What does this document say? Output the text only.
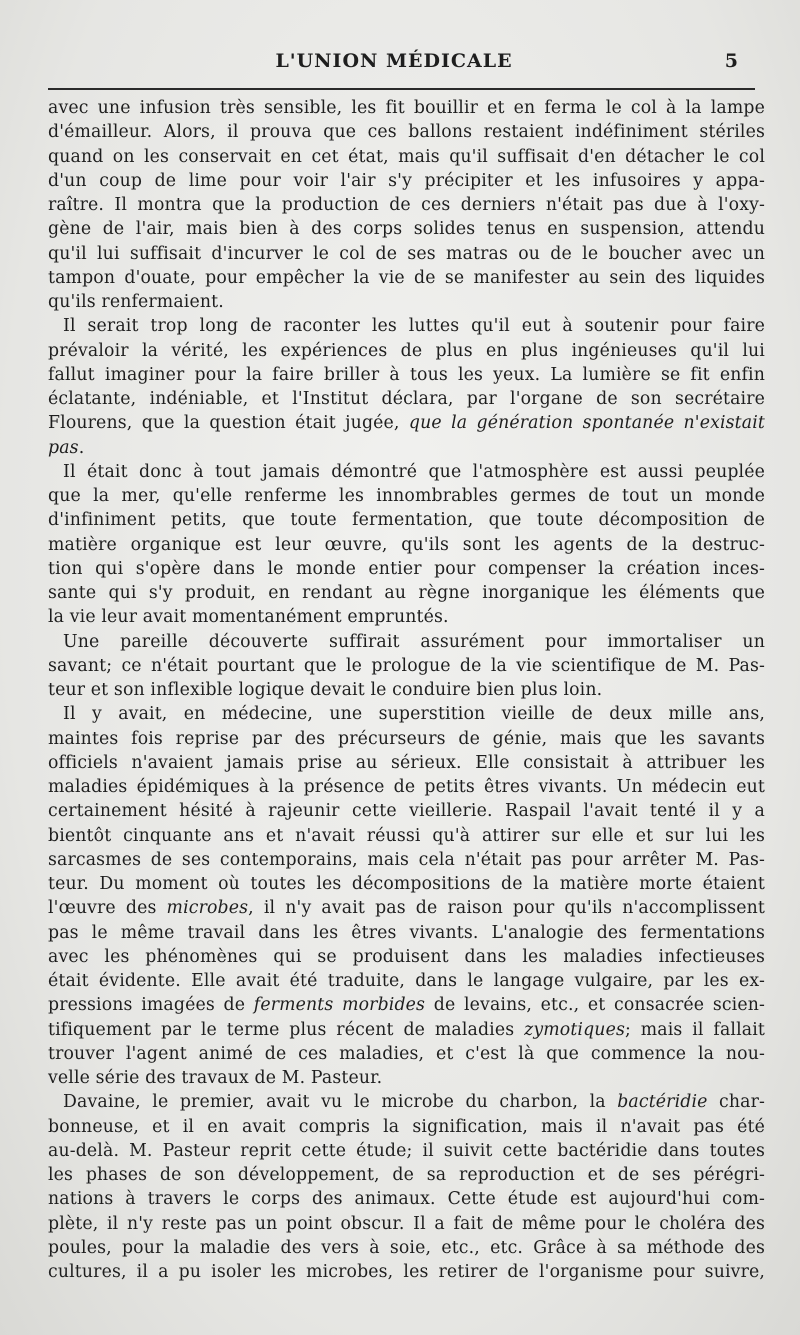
L'UNION MÉDICALE	5

avec une infusion très sensible, les fit bouillir et en ferma le col à la lampe

d'émailleur. Alors, il prouva que ces ballons restaient indéfiniment stériles

quand on les conservait en cet état, mais qu'il suffisait d'en détacher le col

d'un coup de lime pour voir l'air s'y précipiter et les infusoires y appa-

raître. Il montra que la production de ces derniers n'était pas due à l'oxy-

gène de l'air, mais bien à des corps solides tenus en suspension, attendu

qu'il lui suffisait d'incurver le col de ses matras ou de le boucher avec un

tampon d'ouate, pour empêcher la vie de se manifester au sein des liquides

qu'ils renfermaient.

Il serait trop long de raconter les luttes qu'il eut à soutenir pour faire

prévaloir la vérité, les expériences de plus en plus ingénieuses qu'il lui

fallut imaginer pour la faire briller à tous les yeux. La lumière se fit enfin

éclatante, indéniable, et l'Institut déclara, par l'organe de son secrétaire

Flourens, que la question était jugée, que la génération spontanée n'existait

pas.

Il était donc à tout jamais démontré que l'atmosphère est aussi peuplée

que la mer, qu'elle renferme les innombrables germes de tout un monde

d'infiniment petits, que toute fermentation, que toute décomposition de

matière organique est leur œuvre, qu'ils sont les agents de la destruc-

tion qui s'opère dans le monde entier pour compenser la création inces-

sante qui s'y produit, en rendant au règne inorganique les éléments que

la vie leur avait momentanément empruntés.

Une pareille découverte suffirait assurément pour immortaliser un

savant; ce n'était pourtant que le prologue de la vie scientifique de M. Pas-

teur et son inflexible logique devait le conduire bien plus loin.

Il y avait, en médecine, une superstition vieille de deux mille ans,

maintes fois reprise par des précurseurs de génie, mais que les savants

officiels n'avaient jamais prise au sérieux. Elle consistait à attribuer les

maladies épidémiques à la présence de petits êtres vivants. Un médecin eut

certainement hésité à rajeunir cette vieillerie. Raspail l'avait tenté il y a

bientôt cinquante ans et n'avait réussi qu'à attirer sur elle et sur lui les

sarcasmes de ses contemporains, mais cela n'était pas pour arrêter M. Pas-

teur. Du moment où toutes les décompositions de la matière morte étaient

l'œuvre des microbes, il n'y avait pas de raison pour qu'ils n'accomplissent

pas le même travail dans les êtres vivants. L'analogie des fermentations

avec les phénomènes qui se produisent dans les maladies infectieuses

était évidente. Elle avait été traduite, dans le langage vulgaire, par les ex-

pressions imagées de ferments morbides de levains, etc., et consacrée scien-

tifiquement par le terme plus récent de maladies zymotiques; mais il fallait

trouver l'agent animé de ces maladies, et c'est là que commence la nou-

velle série des travaux de M. Pasteur.

Davaine, le premier, avait vu le microbe du charbon, la bactéridie char-

bonneuse, et il en avait compris la signification, mais il n'avait pas été

au-delà. M. Pasteur reprit cette étude; il suivit cette bactéridie dans toutes

les phases de son développement, de sa reproduction et de ses pérégri-

nations à travers le corps des animaux. Cette étude est aujourd'hui com-

plète, il n'y reste pas un point obscur. Il a fait de même pour le choléra des

poules, pour la maladie des vers à soie, etc., etc. Grâce à sa méthode des

cultures, il a pu isoler les microbes, les retirer de l'organisme pour suivre,
